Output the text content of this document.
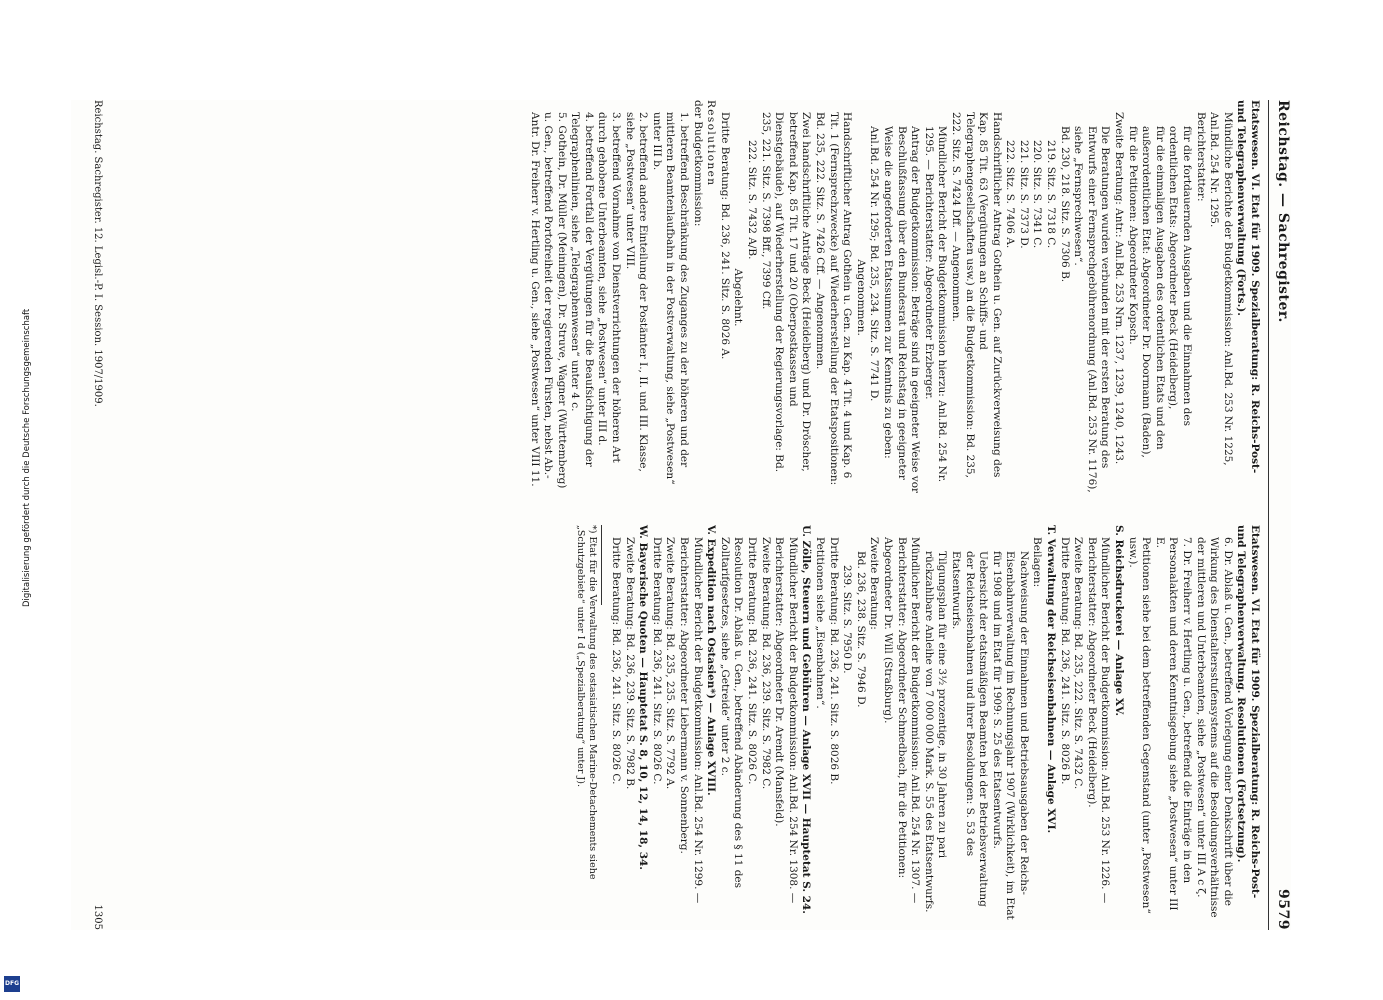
Reichstag. — Sachregister.
9579

Etatswesen. VI. Etat für 1909. Spezialberatung: R. Reichs-Post- und Telegraphenverwaltung (Forts.).

Mündliche Berichte der Budgetkommission: Anl.Bd. 253 Nr. 1225, Anl.Bd. 254 Nr. 1295.

Berichterstatter:

für die fortdauernden Ausgaben und die Einnahmen des ordentlichen Etats: Abgeordneter Beck (Heidelberg),

für die einmaligen Ausgaben des ordentlichen Etats und den außerordentlichen Etat: Abgeordneter Dr. Doormann (Baden),

für die Petitionen: Abgeordneter Kopsch.

Zweite Beratung: Antr.: Anl.Bd. 253 Nrn. 1237, 1239, 1240, 1243.

Die Beratungen wurden verbunden mit der ersten Beratung des Entwurfs einer Fernsprechgebührenordnung (Anl.Bd. 253 Nr. 1176), siehe „Fernsprechwesen“.

Bd. 230, 218. Sitz. S. 7306 B.

219. Sitz. S. 7318 C.

220. Sitz. S. 7341 C.

221. Sitz. S. 7373 D.

222. Sitz. S. 7406 A.

Handschriftlicher Antrag Gothein u. Gen. auf Zurückverweisung des Kap. 85 Tit. 63 (Vergütungen an Schiffs- und Telegraphengesellschaften usw.) an die Budgetkommission: Bd. 235, 222. Sitz. S. 7424 Dff. — Angenommen.

Mündlicher Bericht der Budgetkommission hierzu: Anl.Bd. 254 Nr. 1295. — Berichterstatter: Abgeordneter Erzberger.

Antrag der Budgetkommission: Beträge sind in geeigneter Weise vor Beschlußfassung über den Bundesrat und Reichstag in geeigneter Weise die angeforderten Etatssummen zur Kenntnis zu geben: Anl.Bd. 254 Nr. 1295; Bd. 235, 234. Sitz. S. 7741 D.

Angenommen.

Handschriftlicher Antrag Gothein u. Gen. zu Kap. 4 Tit. 4 und Kap. 6 Tit. 1 (Fernsprechzwecke) auf Wiederherstellung der Etatspositionen: Bd. 235, 222. Sitz. S. 7426 Cff. — Angenommen.

Zwei handschriftliche Anträge Beck (Heidelberg) und Dr. Dröscher, betreffend Kap. 85 Tit. 17 und 20 (Oberpostkassen und Dienstgebäude), auf Wiederherstellung der Regierungsvorlage: Bd. 235, 221. Sitz. S. 7398 Bff., 7399 Cff.

222. Sitz. S. 7432 A/B.

Abgelehnt.

Dritte Beratung: Bd. 236, 241. Sitz. S. 8026 A.

Resolutionen

der Budgetkommission:

1. betreffend Beschränkung des Zuganges zu der höheren und der mittleren Beamtenlaufbahn in der Postverwaltung, siehe „Postwesen“ unter III b.

2. betreffend andere Einteilung der Postämter I., II. und III. Klasse, siehe „Postwesen“ unter VIII.

3. betreffend Vornahme von Dienstverrichtungen der höheren Art durch gehobene Unterbeamten, siehe „Postwesen“ unter III d.

4. betreffend Fortfall der Vergütungen für die Beaufsichtigung der Telegraphenlinien, siehe „Telegraphenwesen“ unter 4 c.

5. Gothein, Dr. Müller (Meiningen), Dr. Struve, Wagner (Württemberg) u. Gen., betreffend Portofreiheit der regierenden Fürsten, nebst Ab.-Antr. Dr. Freiherr v. Hertling u. Gen., siehe „Postwesen“ unter VIII 11.

Etatswesen. VI. Etat für 1909. Spezialberatung: R. Reichs-Post- und Telegraphenverwaltung. Resolutionen (Fortsetzung).

6. Dr. Ablaß u. Gen., betreffend Vorlegung einer Denkschrift über die Wirkung des Dienstaltersstufensystems auf die Besoldungsverhältnisse der mittleren und Unterbeamten, siehe „Postwesen“ unter III A c ζ.

7. Dr. Freiherr v. Hertling u. Gen., betreffend die Einträge in den Personalakten und deren Kenntnisgebung siehe „Postwesen“ unter III E.

Petitionen siehe bei dem betreffenden Gegenstand (unter „Postwesen“ usw.).

S. Reichsdruckerei — Anlage XV.

Mündlicher Bericht der Budgetkommission: Anl.Bd. 253 Nr. 1226. — Berichterstatter: Abgeordneter Beck (Heidelberg).

Zweite Beratung: Bd. 235, 222. Sitz. S. 7432 C.

Dritte Beratung: Bd. 236, 241. Sitz. S. 8026 B.

T. Verwaltung der Reichseisenbahnen — Anlage XVI.

Beilagen:

Nachweisung der Einnahmen und Betriebsausgaben der Reichs-Eisenbahnverwaltung im Rechnungsjahr 1907 (Wirklichkeit), im Etat für 1908 und im Etat für 1909: S. 25 des Etatsentwurfs.

Uebersicht der etatsmäßigen Beamten bei der Betriebsverwaltung der Reichseisenbahnen und ihrer Besoldungen: S. 53 des Etatsentwurfs.

Tilgungsplan für eine 3½ prozentige, in 30 Jahren zu pari rückzahlbare Anleihe von 7 000 000 Mark. S. 55 des Etatsentwurfs.

Mündlicher Bericht der Budgetkommission: Anl.Bd. 254 Nr. 1307. — Berichterstatter: Abgeordneter Schmedbach, für die Petitionen: Abgeordneter Dr. Will (Straßburg).

Zweite Beratung:

Bd. 236, 238. Sitz. S. 7946 D.

239. Sitz. S. 7950 D.

Dritte Beratung: Bd. 236, 241. Sitz. S. 8026 B.

Petitionen siehe „Eisenbahnen“.

U. Zölle, Steuern und Gebühren — Anlage XVII — Hauptetat S. 24.

Mündlicher Bericht der Budgetkommission: Anl.Bd. 254 Nr. 1308. — Berichterstatter: Abgeordneter Dr. Arendt (Mansfeld).

Zweite Beratung: Bd. 236, 239. Sitz. S. 7982 C.

Dritte Beratung: Bd. 236, 241. Sitz. S. 8026 C.

Resolution Dr. Ablaß u. Gen., betreffend Abänderung des § 11 des Zolltarifgesetzes, siehe „Getreide“ unter 2 c.

V. Expedition nach Ostasien*) — Anlage XVIII.

Mündlicher Bericht der Budgetkommission: Anl.Bd. 254 Nr. 1299. — Berichterstatter: Abgeordneter Liebermann v. Sonnenberg.

Zweite Beratung: Bd. 235, 235. Sitz. S. 7792 A.

Dritte Beratung: Bd. 236, 241. Sitz. S. 8026 C.

W. Bayerische Quoten — Hauptetat S. 8, 10, 12, 14, 18, 34.

Zweite Beratung: Bd. 236, 239. Sitz. S. 7982 B.

Dritte Beratung: Bd. 236, 241. Sitz. S. 8026 C.

*) Etat für die Verwaltung des ostasiatischen Marine-Detachements siehe „Schutzgebiete“ unter I d („Spezialberatung“ unter J).

Reichstag. Sachregister. 12. Legisl.-P. I. Session. 1907/1909.
1305
Digitalisierung gefördert durch die Deutsche Forschungsgemeinschaft
DFG
